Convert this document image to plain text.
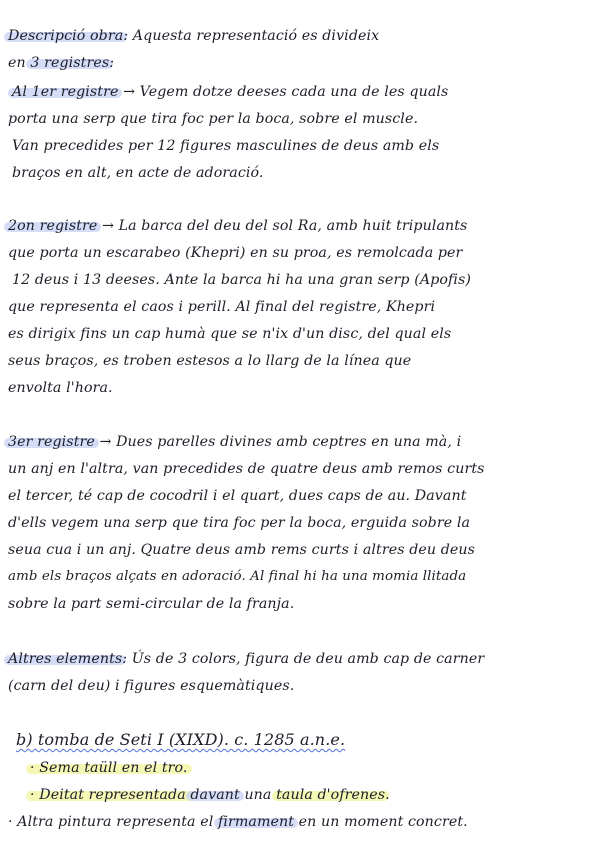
Descripció obra: Aquesta representació es divideix
en 3 registres:
Al 1er registre → Vegem dotze deeses cada una de les quals
porta una serp que tira foc per la boca, sobre el muscle.
Van precedides per 12 figures masculines de deus amb els
braços en alt, en acte de adoració.
2on registre → La barca del deu del sol Ra, amb huit tripulants
que porta un escarabeo (Khepri) en su proa, es remolcada per
12 deus i 13 deeses. Ante la barca hi ha una gran serp (Apofis)
que representa el caos i perill. Al final del registre, Khepri
es dirigix fins un cap humà que se n'ix d'un disc, del qual els
seus braços, es troben estesos a lo llarg de la línea que
envolta l'hora.
3er registre → Dues parelles divines amb ceptres en una mà, i
un anj en l'altra, van precedides de quatre deus amb remos curts
el tercer, té cap de cocodril i el quart, dues caps de au. Davant
d'ells vegem una serp que tira foc per la boca, erguida sobre la
seua cua i un anj. Quatre deus amb rems curts i altres deu deus
amb els braços alçats en adoració. Al final hi ha una momia llitada
sobre la part semi-circular de la franja.
Altres elements: Ús de 3 colors, figura de deu amb cap de carner
(carn del deu) i figures esquemàtiques.
b) tomba de Seti I (XIXD). c. 1285 a.n.e.
· Sema taüll en el tro.
· Deitat representada davant una taula d'ofrenes.
· Altra pintura representa el firmament en un moment concret.
